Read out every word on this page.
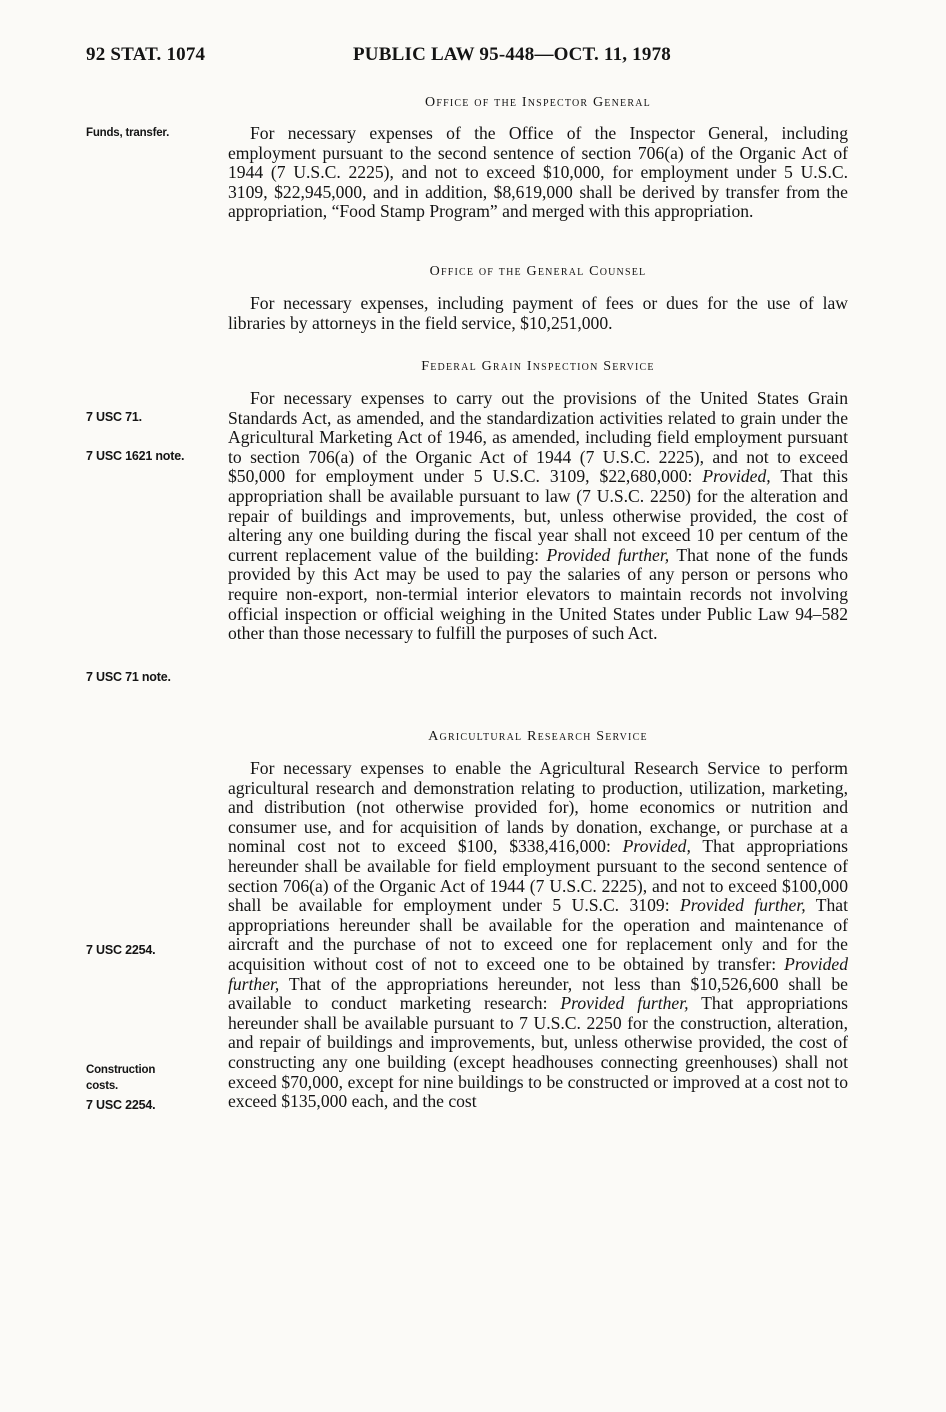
92 STAT. 1074	PUBLIC LAW 95-448—OCT. 11, 1978
Funds, transfer.
7 USC 71.
7 USC 1621 note.
7 USC 71 note.
7 USC 2254.
Construction
costs.
7 USC 2254.
Office of the Inspector General

For necessary expenses of the Office of the Inspector General, including employment pursuant to the second sentence of section 706(a) of the Organic Act of 1944 (7 U.S.C. 2225), and not to exceed $10,000, for employment under 5 U.S.C. 3109, $22,945,000, and in addition, $8,619,000 shall be derived by transfer from the appropriation, “Food Stamp Program” and merged with this appropriation.

Office of the General Counsel

For necessary expenses, including payment of fees or dues for the use of law libraries by attorneys in the field service, $10,251,000.

Federal Grain Inspection Service

For necessary expenses to carry out the provisions of the United States Grain Standards Act, as amended, and the standardization activities related to grain under the Agricultural Marketing Act of 1946, as amended, including field employment pursuant to section 706(a) of the Organic Act of 1944 (7 U.S.C. 2225), and not to exceed $50,000 for employment under 5 U.S.C. 3109, $22,680,000: Provided, That this appropriation shall be available pursuant to law (7 U.S.C. 2250) for the alteration and repair of buildings and improvements, but, unless otherwise provided, the cost of altering any one building during the fiscal year shall not exceed 10 per centum of the current replacement value of the building: Provided further, That none of the funds provided by this Act may be used to pay the salaries of any person or persons who require non-export, non-termial interior elevators to maintain records not involving official inspection or official weighing in the United States under Public Law 94–582 other than those necessary to fulfill the purposes of such Act.

Agricultural Research Service

For necessary expenses to enable the Agricultural Research Service to perform agricultural research and demonstration relating to production, utilization, marketing, and distribution (not otherwise provided for), home economics or nutrition and consumer use, and for acquisition of lands by donation, exchange, or purchase at a nominal cost not to exceed $100, $338,416,000: Provided, That appropriations hereunder shall be available for field employment pursuant to the second sentence of section 706(a) of the Organic Act of 1944 (7 U.S.C. 2225), and not to exceed $100,000 shall be available for employment under 5 U.S.C. 3109: Provided further, That appropriations hereunder shall be available for the operation and maintenance of aircraft and the purchase of not to exceed one for replacement only and for the acquisition without cost of not to exceed one to be obtained by transfer: Provided further, That of the appropriations hereunder, not less than $10,526,600 shall be available to conduct marketing research: Provided further, That appropriations hereunder shall be available pursuant to 7 U.S.C. 2250 for the construction, alteration, and repair of buildings and improvements, but, unless otherwise provided, the cost of constructing any one building (except headhouses connecting greenhouses) shall not exceed $70,000, except for nine buildings to be constructed or improved at a cost not to exceed $135,000 each, and the cost
